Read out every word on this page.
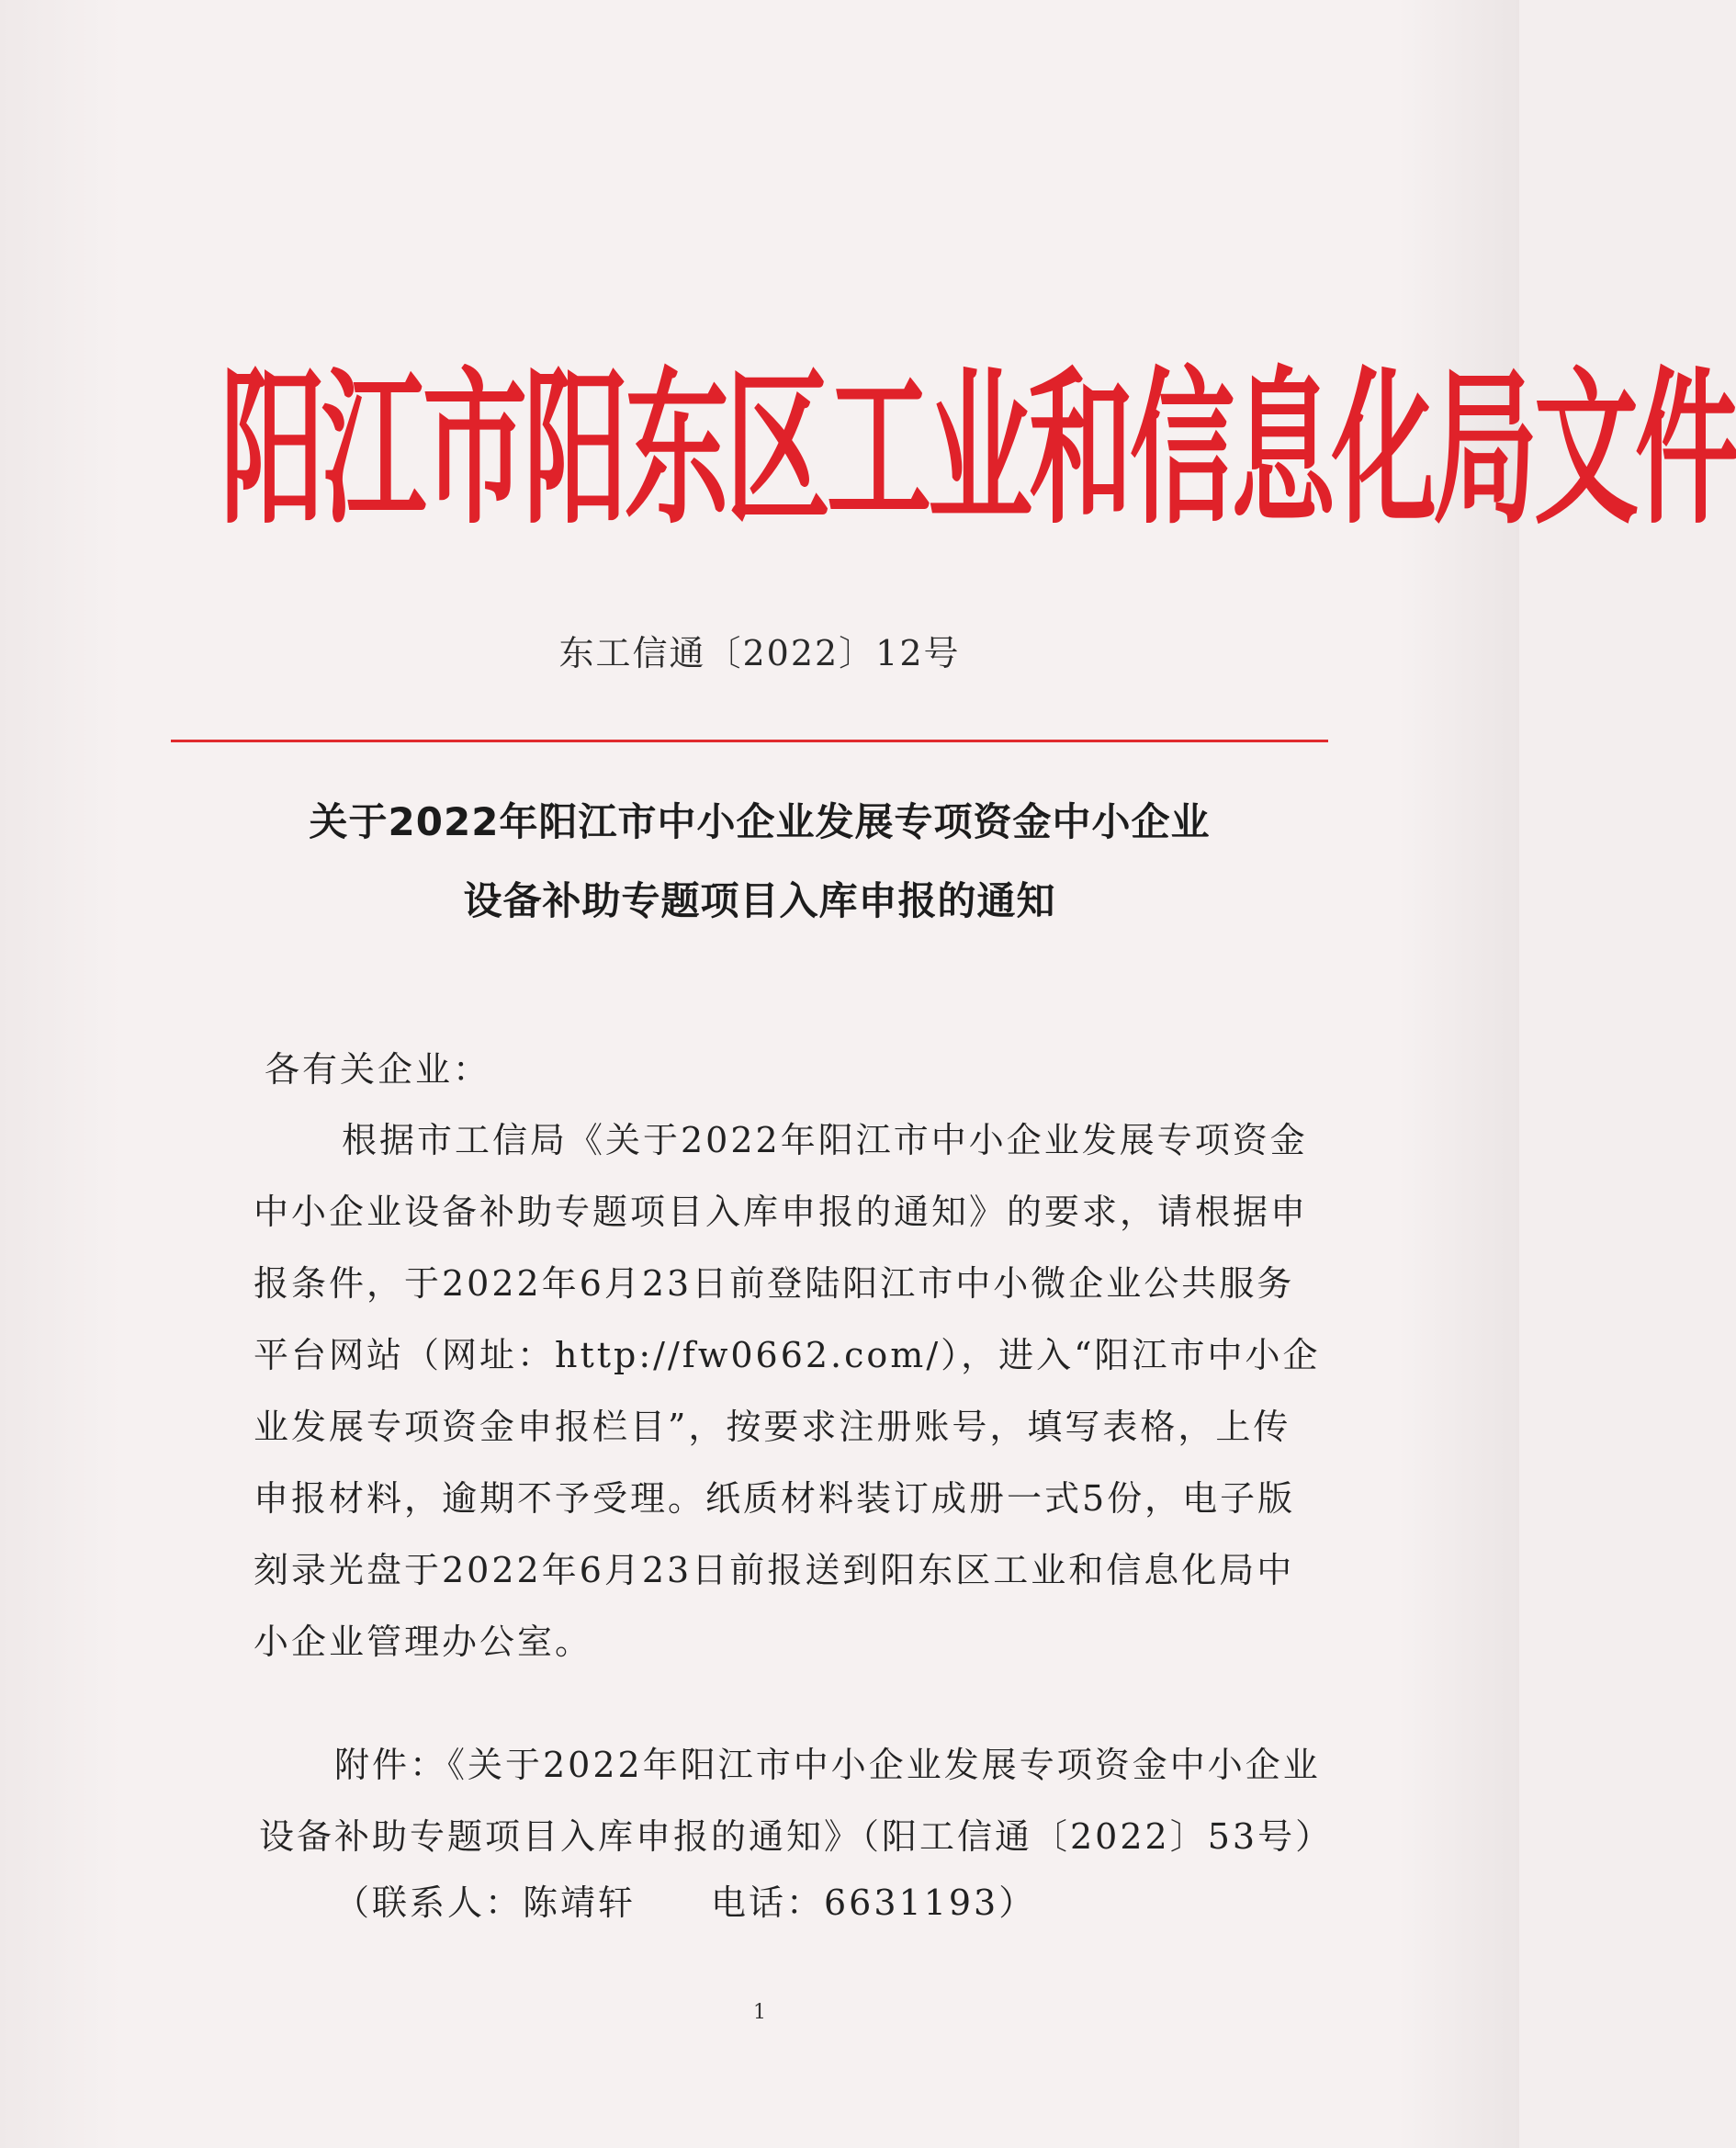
阳江市阳东区工业和信息化局文件
东工信通〔2022〕12号
关于2022年阳江市中小企业发展专项资金中小企业
设备补助专题项目入库申报的通知
各有关企业：
根据市工信局《关于2022年阳江市中小企业发展专项资金
中小企业设备补助专题项目入库申报的通知》的要求，请根据申
报条件，于2022年6月23日前登陆阳江市中小微企业公共服务
平台网站（网址：http://fw0662.com/），进入“阳江市中小企
业发展专项资金申报栏目”，按要求注册账号，填写表格，上传
申报材料，逾期不予受理。纸质材料装订成册一式5份，电子版
刻录光盘于2022年6月23日前报送到阳东区工业和信息化局中
小企业管理办公室。
附件：《关于2022年阳江市中小企业发展专项资金中小企业
设备补助专题项目入库申报的通知》（阳工信通〔2022〕53号）
（联系人：陈靖轩　　电话：6631193）
1
